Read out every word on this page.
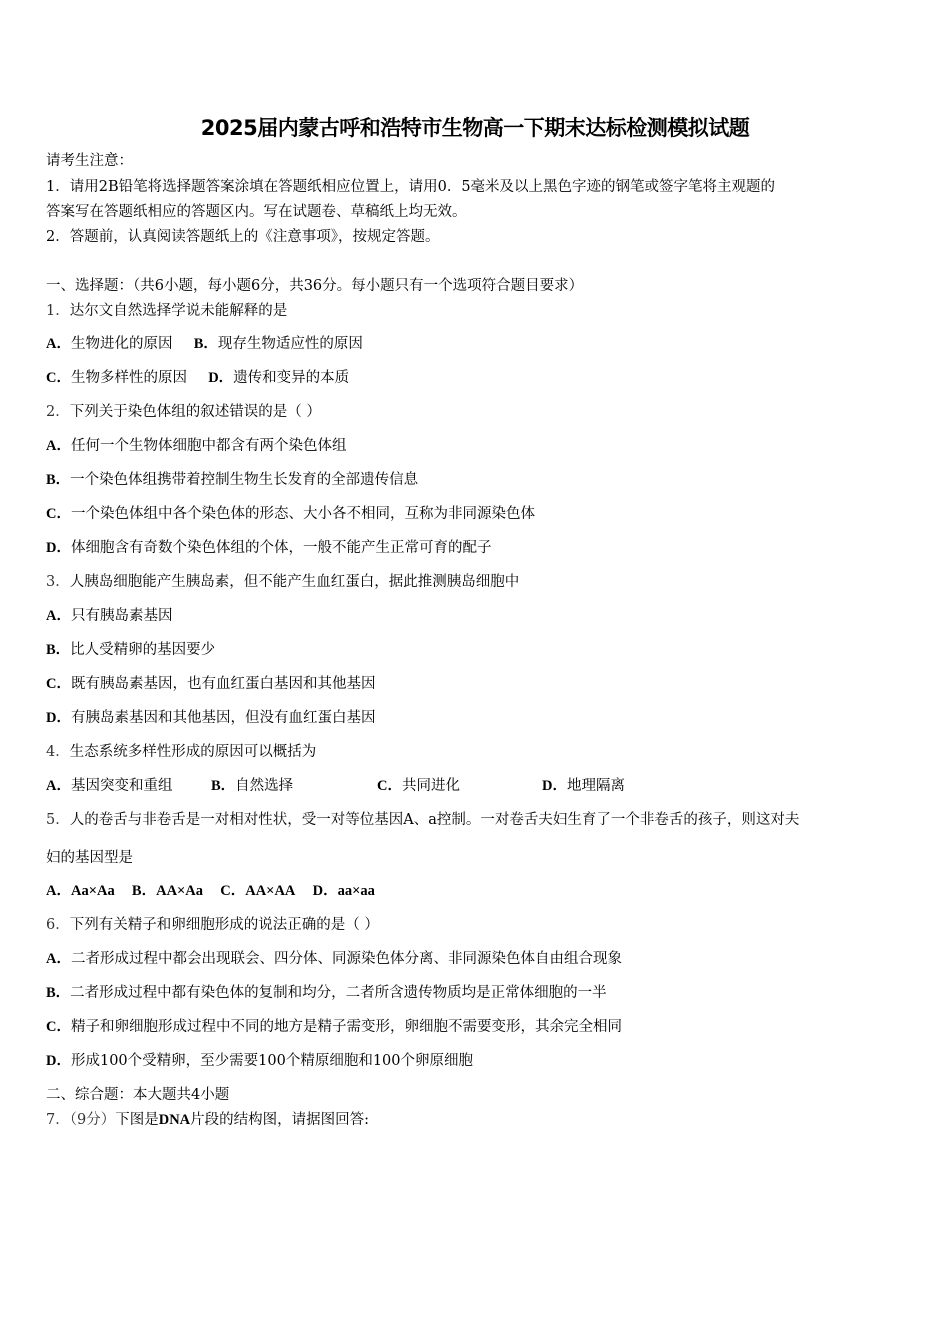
2025届内蒙古呼和浩特市生物高一下期末达标检测模拟试题
请考生注意：
1．请用2B铅笔将选择题答案涂填在答题纸相应位置上，请用0．5毫米及以上黑色字迹的钢笔或签字笔将主观题的
答案写在答题纸相应的答题区内。写在试题卷、草稿纸上均无效。
2．答题前，认真阅读答题纸上的《注意事项》，按规定答题。
一、选择题：（共6小题，每小题6分，共36分。每小题只有一个选项符合题目要求）
1．达尔文自然选择学说未能解释的是
A．生物进化的原因 B．现存生物适应性的原因
C．生物多样性的原因 D．遗传和变异的本质
2．下列关于染色体组的叙述错误的是（ ）
A．任何一个生物体细胞中都含有两个染色体组
B．一个染色体组携带着控制生物生长发育的全部遗传信息
C．一个染色体组中各个染色体的形态、大小各不相同，互称为非同源染色体
D．体细胞含有奇数个染色体组的个体，一般不能产生正常可育的配子
3．人胰岛细胞能产生胰岛素，但不能产生血红蛋白，据此推测胰岛细胞中
A．只有胰岛素基因
B．比人受精卵的基因要少
C．既有胰岛素基因，也有血红蛋白基因和其他基因
D．有胰岛素基因和其他基因，但没有血红蛋白基因
4．生态系统多样性形成的原因可以概括为
A．基因突变和重组	B．自然选择	C．共同进化	D．地理隔离
5．人的卷舌与非卷舌是一对相对性状，受一对等位基因A、a控制。一对卷舌夫妇生育了一个非卷舌的孩子，则这对夫
妇的基因型是
A．Aa×Aa B．AA×Aa C．AA×AA D．aa×aa
6．下列有关精子和卵细胞形成的说法正确的是（ ）
A．二者形成过程中都会出现联会、四分体、同源染色体分离、非同源染色体自由组合现象
B．二者形成过程中都有染色体的复制和均分，二者所含遗传物质均是正常体细胞的一半
C．精子和卵细胞形成过程中不同的地方是精子需变形，卵细胞不需要变形，其余完全相同
D．形成100个受精卵，至少需要100个精原细胞和100个卵原细胞
二、综合题：本大题共4小题
7．（9分）下图是DNA片段的结构图，请据图回答:
